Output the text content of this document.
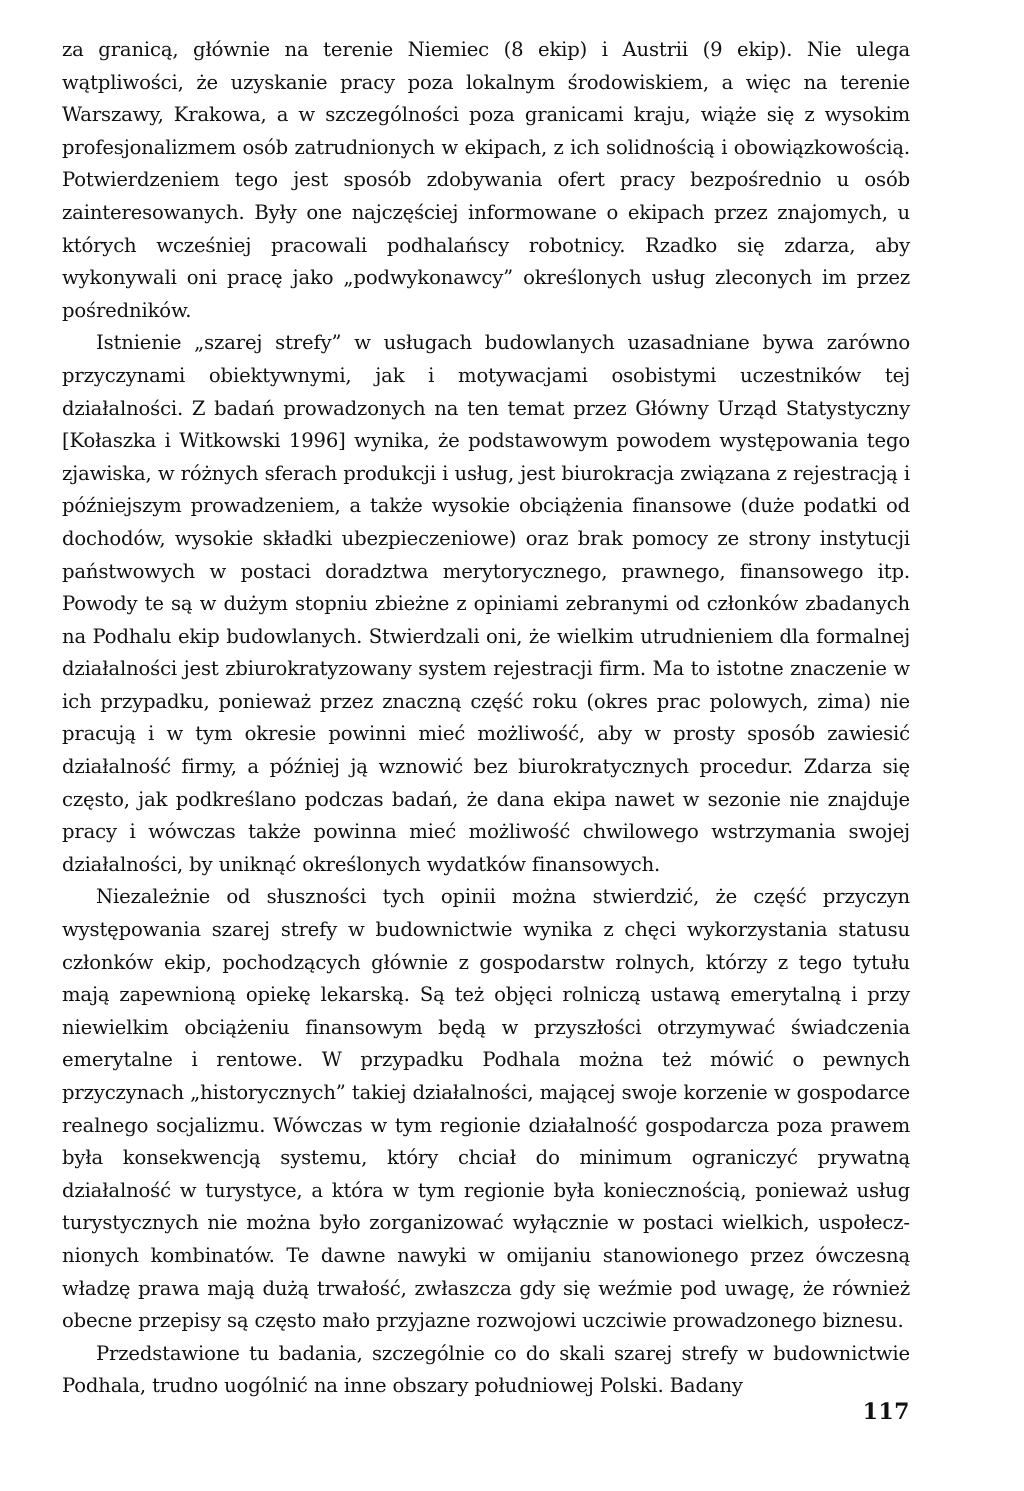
za granicą, głównie na terenie Niemiec (8 ekip) i Austrii (9 ekip). Nie ulega wątpliwości, że uzyskanie pracy poza lokalnym środowiskiem, a więc na terenie Warszawy, Krakowa, a w szczególności poza granicami kraju, wiąże się z wysokim profesjonalizmem osób zatrudnionych w ekipach, z ich solidnością i obowiązkowością. Potwierdzeniem tego jest sposób zdobywania ofert pracy bezpośrednio u osób zainteresowanych. Były one najczęściej informowane o ekipach przez znajomych, u których wcześniej pracowali podhalańscy robotnicy. Rzadko się zdarza, aby wykonywali oni pracę jako „podwykonawcy” określonych usług zleconych im przez pośredników.

Istnienie „szarej strefy” w usługach budowlanych uzasadniane bywa zarówno przyczynami obiektywnymi, jak i motywacjami osobistymi uczestników tej działalności. Z badań prowadzonych na ten temat przez Główny Urząd Statystyczny [Kołaszka i Witkowski 1996] wynika, że podstawowym powodem występowania tego zjawiska, w różnych sferach produkcji i usług, jest biurokracja związana z rejestracją i późniejszym prowadzeniem, a także wysokie obciążenia finansowe (duże podatki od dochodów, wysokie składki ubezpieczeniowe) oraz brak pomocy ze strony instytucji państwowych w postaci doradztwa merytorycznego, prawnego, finansowego itp. Powody te są w dużym stopniu zbieżne z opiniami zebranymi od członków zbadanych na Podhalu ekip budowlanych. Stwierdzali oni, że wielkim utrudnieniem dla formalnej działalności jest zbiurokratyzowany system rejestracji firm. Ma to istotne znaczenie w ich przypadku, ponieważ przez znaczną część roku (okres prac polowych, zima) nie pracują i w tym okresie powinni mieć możliwość, aby w prosty sposób zawiesić działalność firmy, a później ją wznowić bez biurokratycznych procedur. Zdarza się często, jak podkreślano podczas badań, że dana ekipa nawet w sezonie nie znajduje pracy i wówczas także powinna mieć możliwość chwilowego wstrzymania swojej działalności, by uniknąć określonych wydatków finansowych.

Niezależnie od słuszności tych opinii można stwierdzić, że część przyczyn występowania szarej strefy w budownictwie wynika z chęci wykorzystania statusu członków ekip, pochodzących głównie z gospodarstw rolnych, którzy z tego tytułu mają zapewnioną opiekę lekarską. Są też objęci rolniczą ustawą emerytalną i przy niewielkim obciążeniu finansowym będą w przyszłości otrzymywać świadczenia emerytalne i rentowe. W przypadku Podhala można też mówić o pewnych przyczynach „historycznych” takiej działalności, mającej swoje korzenie w gospodarce realnego socjalizmu. Wówczas w tym regionie działalność gospodarcza poza prawem była konsekwencją systemu, który chciał do minimum ograniczyć prywatną działalność w turystyce, a która w tym regionie była koniecznością, ponieważ usług turystycznych nie można było zorganizować wyłącznie w postaci wielkich, uspołecznionych kombinatów. Te dawne nawyki w omijaniu stanowionego przez ówczesną władzę prawa mają dużą trwałość, zwłaszcza gdy się weźmie pod uwagę, że również obecne przepisy są często mało przyjazne rozwojowi uczciwie prowadzonego biznesu.

Przedstawione tu badania, szczególnie co do skali szarej strefy w budownictwie Podhala, trudno uogólnić na inne obszary południowej Polski. Badany

117
